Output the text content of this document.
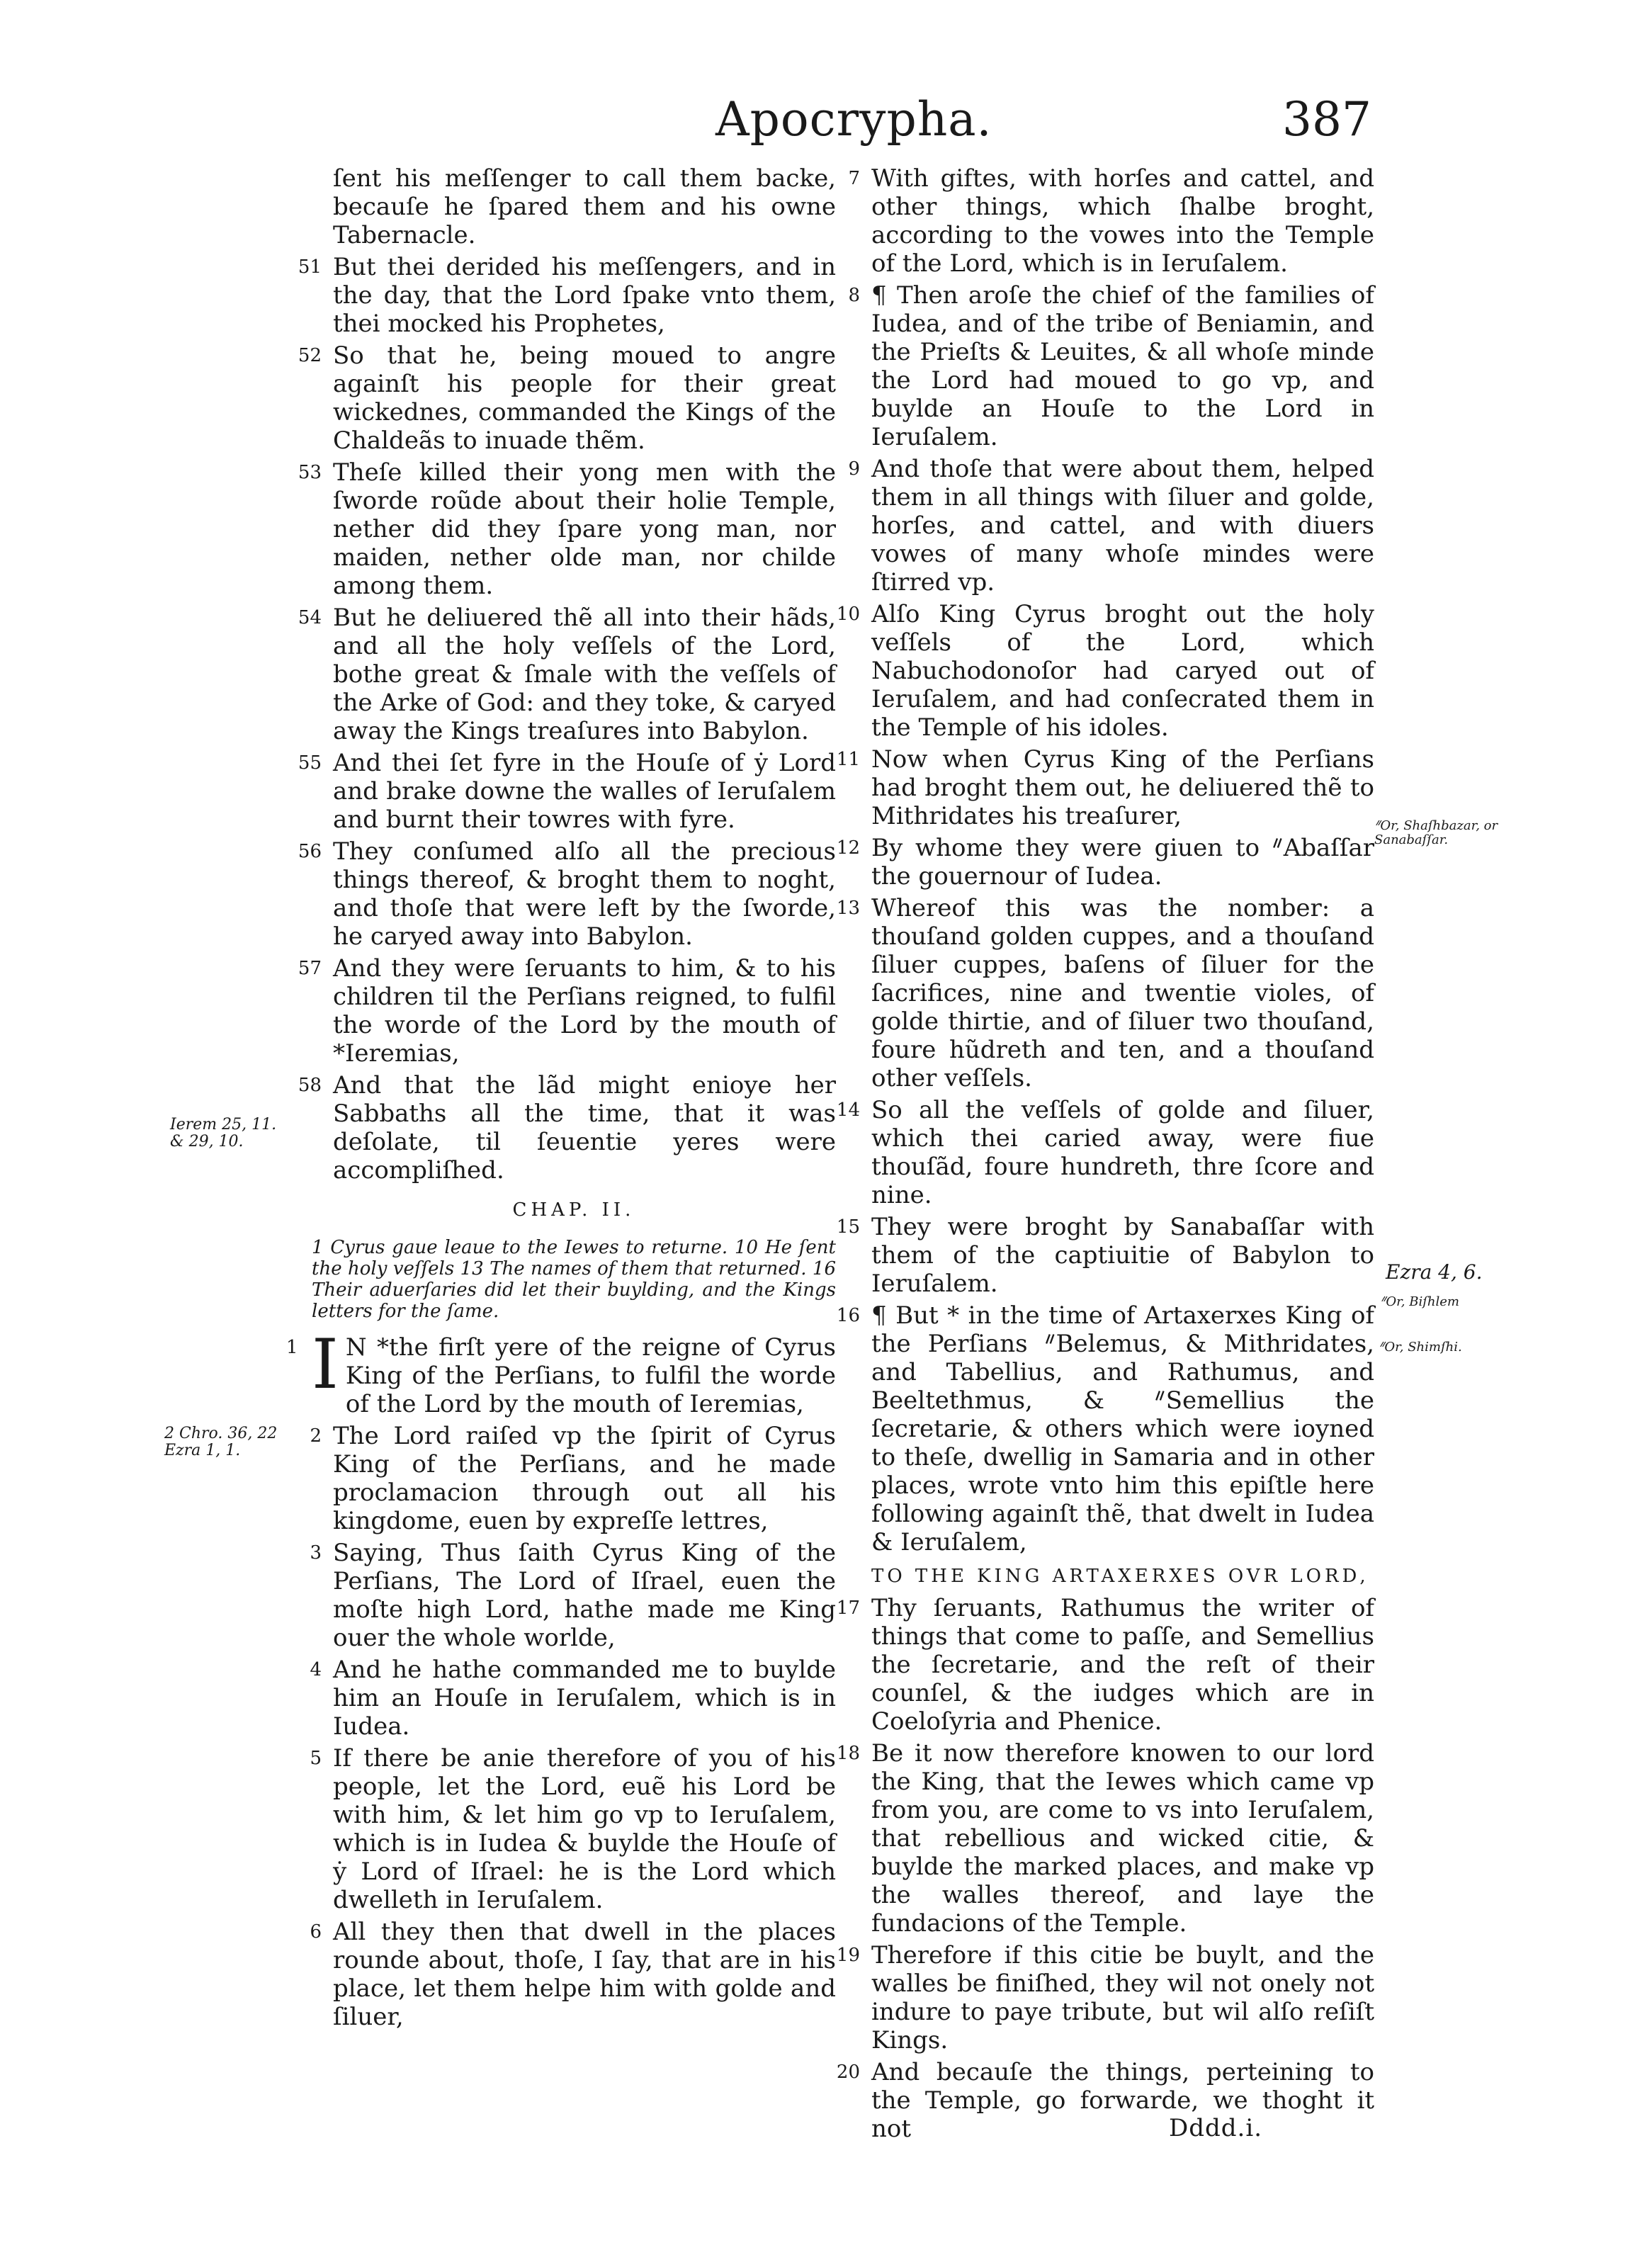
Apocrypha.	387

ſent his meſſenger to call them backe, becauſe he ſpared them and his owne Tabernacle.

51 But thei derided his meſſengers, and in the day, that the Lord ſpake vnto them, thei mocked his Prophetes,

52 So that he, being moued to angre againſt his people for their great wickednes, commanded the Kings of the Chaldeãs to inuade thẽm.

53 Theſe killed their yong men with the ſworde roũde about their holie Temple, nether did they ſpare yong man, nor maiden, nether olde man, nor childe among them.

54 But he deliuered thẽ all into their hãds, and all the holy veſſels of the Lord, bothe great & ſmale with the veſſels of the Arke of God: and they toke, & caryed away the Kings treaſures into Babylon.

55 And thei ſet fyre in the Houſe of ẏ Lord and brake downe the walles of Ieruſalem and burnt their towres with fyre.

56 They conſumed alſo all the precious things thereof, & broght them to noght, and thoſe that were left by the ſworde, he caryed away into Babylon.

57 And they were ſeruants to him, & to his children til the Perſians reigned, to fulfil the worde of the Lord by the mouth of *Ieremias,

58 And that the lãd might enioye her Sabbaths all the time, that it was deſolate, til ſeuentie yeres were accompliſhed.

CHAP. II.
1 Cyrus gaue leaue to the Iewes to returne. 10 He ſent the holy veſſels 13 The names of them that returned. 16 Their aduerſaries did let their buylding, and the Kings letters for the ſame.
1 I N *the firſt yere of the reigne of Cyrus King of the Perſians, to fulfil the worde of the Lord by the mouth of Ieremias,

2 The Lord raiſed vp the ſpirit of Cyrus King of the Perſians, and he made proclamacion through out all his kingdome, euen by expreſſe lettres,

3 Saying, Thus ſaith Cyrus King of the Perſians, The Lord of Iſrael, euen the moſte high Lord, hathe made me King ouer the whole worlde,

4 And he hathe commanded me to buylde him an Houſe in Ieruſalem, which is in Iudea.

5 If there be anie therefore of you of his people, let the Lord, euẽ his Lord be with him, & let him go vp to Ieruſalem, which is in Iudea & buylde the Houſe of ẏ Lord of Iſrael: he is the Lord which dwelleth in Ieruſalem.

6 All they then that dwell in the places rounde about, thoſe, I ſay, that are in his place, let them helpe him with golde and ſiluer,

7 With giftes, with horſes and cattel, and other things, which ſhalbe broght, according to the vowes into the Temple of the Lord, which is in Ieruſalem.

8 ¶ Then aroſe the chief of the families of Iudea, and of the tribe of Beniamin, and the Prieſts & Leuites, & all whoſe minde the Lord had moued to go vp, and buylde an Houſe to the Lord in Ieruſalem.

9 And thoſe that were about them, helped them in all things with ſiluer and golde, horſes, and cattel, and with diuers vowes of many whoſe mindes were ſtirred vp.

10 Alſo King Cyrus broght out the holy veſſels of the Lord, which Nabuchodonoſor had caryed out of Ieruſalem, and had conſecrated them in the Temple of his idoles.

11 Now when Cyrus King of the Perſians had broght them out, he deliuered thẽ to Mithridates his treaſurer,

12 By whome they were giuen to ᐥAbaſſar the gouernour of Iudea.

13 Whereof this was the nomber: a thouſand golden cuppes, and a thouſand ſiluer cuppes, baſens of ſiluer for the ſacrifices, nine and twentie violes, of golde thirtie, and of ſiluer two thouſand, foure hũdreth and ten, and a thouſand other veſſels.

14 So all the veſſels of golde and ſiluer, which thei caried away, were fiue thouſãd, foure hundreth, thre ſcore and nine.

15 They were broght by Sanabaſſar with them of the captiuitie of Babylon to Ieruſalem.

16 ¶ But * in the time of Artaxerxes King of the Perſians ᐥBelemus, & Mithridates, and Tabellius, and Rathumus, and Beeltethmus, & ᐥSemellius the ſecretarie, & others which were ioyned to theſe, dwellig in Samaria and in other places, wrote vnto him this epiſtle here following againſt thẽ, that dwelt in Iudea & Ieruſalem,

TO THE KING ARTAXERXES OVR LORD,

17 Thy ſeruants, Rathumus the writer of things that come to paſſe, and Semellius the ſecretarie, and the reſt of their counſel, & the iudges which are in Coeloſyria and Phenice.

18 Be it now therefore knowen to our lord the King, that the Iewes which came vp from you, are come to vs into Ieruſalem, that rebellious and wicked citie, & buylde the marked places, and make vp the walles thereof, and laye the fundacions of the Temple.

19 Therefore if this citie be buylt, and the walles be finiſhed, they wil not onely not indure to paye tribute, but wil alſo reſiſt Kings.

20 And becauſe the things, perteining to the Temple, go forwarde, we thoght it not	Dddd.i.
Ierem 25, 11. & 29, 10.
2 Chro. 36, 22 Ezra 1, 1.
ᐥOr, Shaſhbazar, or Sanabaſſar.
Ezra 4, 6.
ᐥOr, Biſhlem
ᐥOr, Shimſhi.
